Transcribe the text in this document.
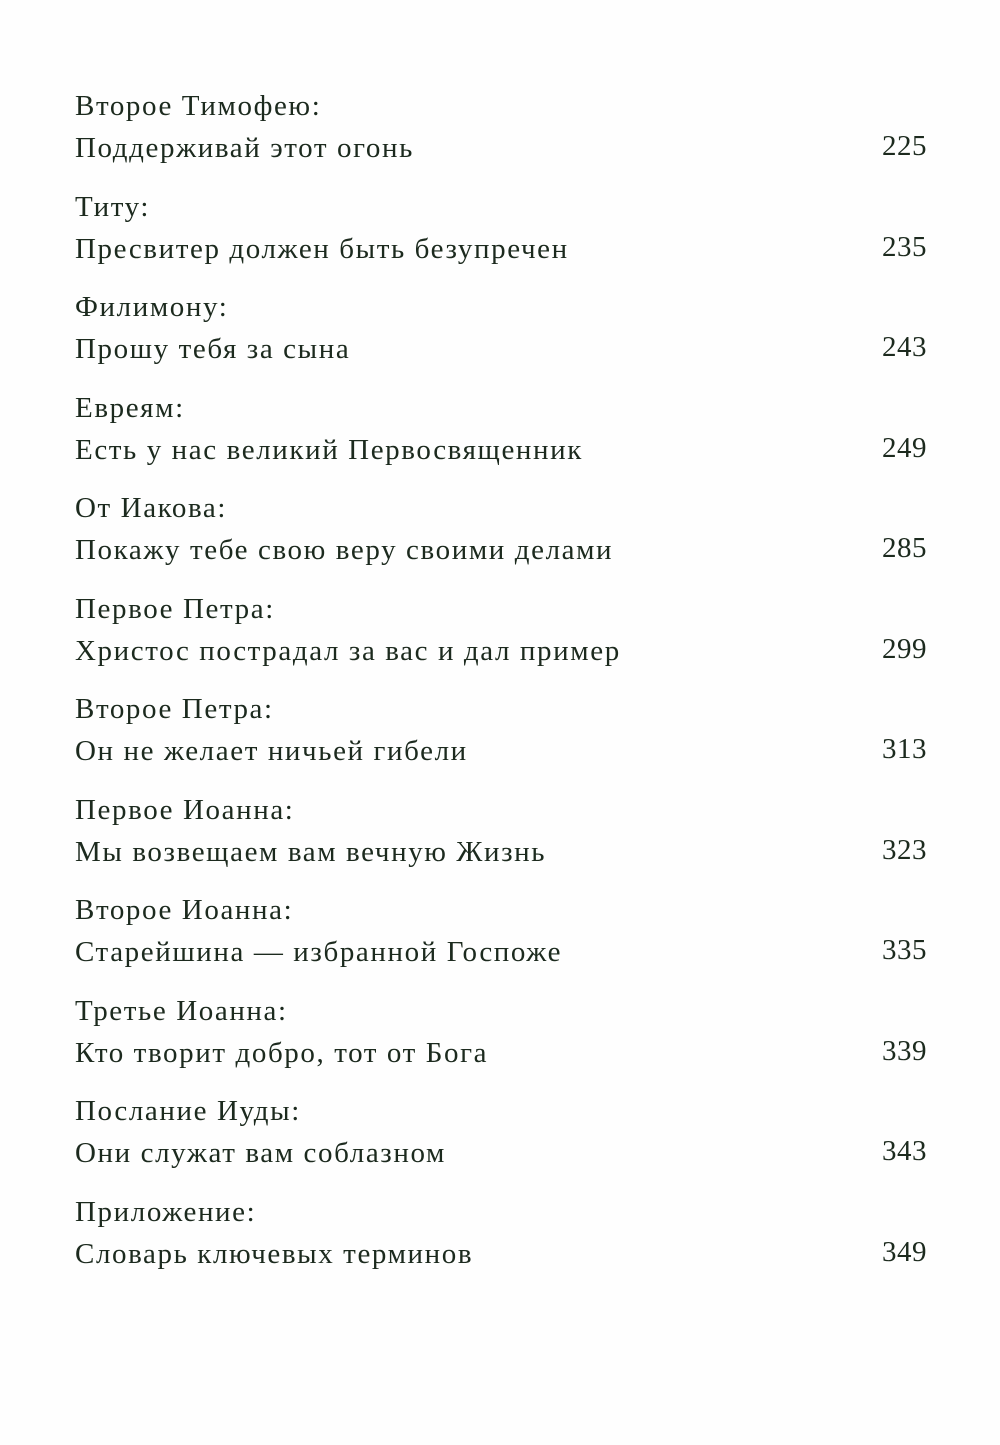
Второе Тимофею:
Поддерживай этот огонь	225
Титу:
Пресвитер должен быть безупречен	235
Филимону:
Прошу тебя за сына	243
Евреям:
Есть у нас великий Первосвященник	249
От Иакова:
Покажу тебе свою веру своими делами	285
Первое Петра:
Христос пострадал за вас и дал пример	299
Второе Петра:
Он не желает ничьей гибели	313
Первое Иоанна:
Мы возвещаем вам вечную Жизнь	323
Второе Иоанна:
Старейшина — избранной Госпоже	335
Третье Иоанна:
Кто творит добро, тот от Бога	339
Послание Иуды:
Они служат вам соблазном	343
Приложение:
Словарь ключевых терминов	349
